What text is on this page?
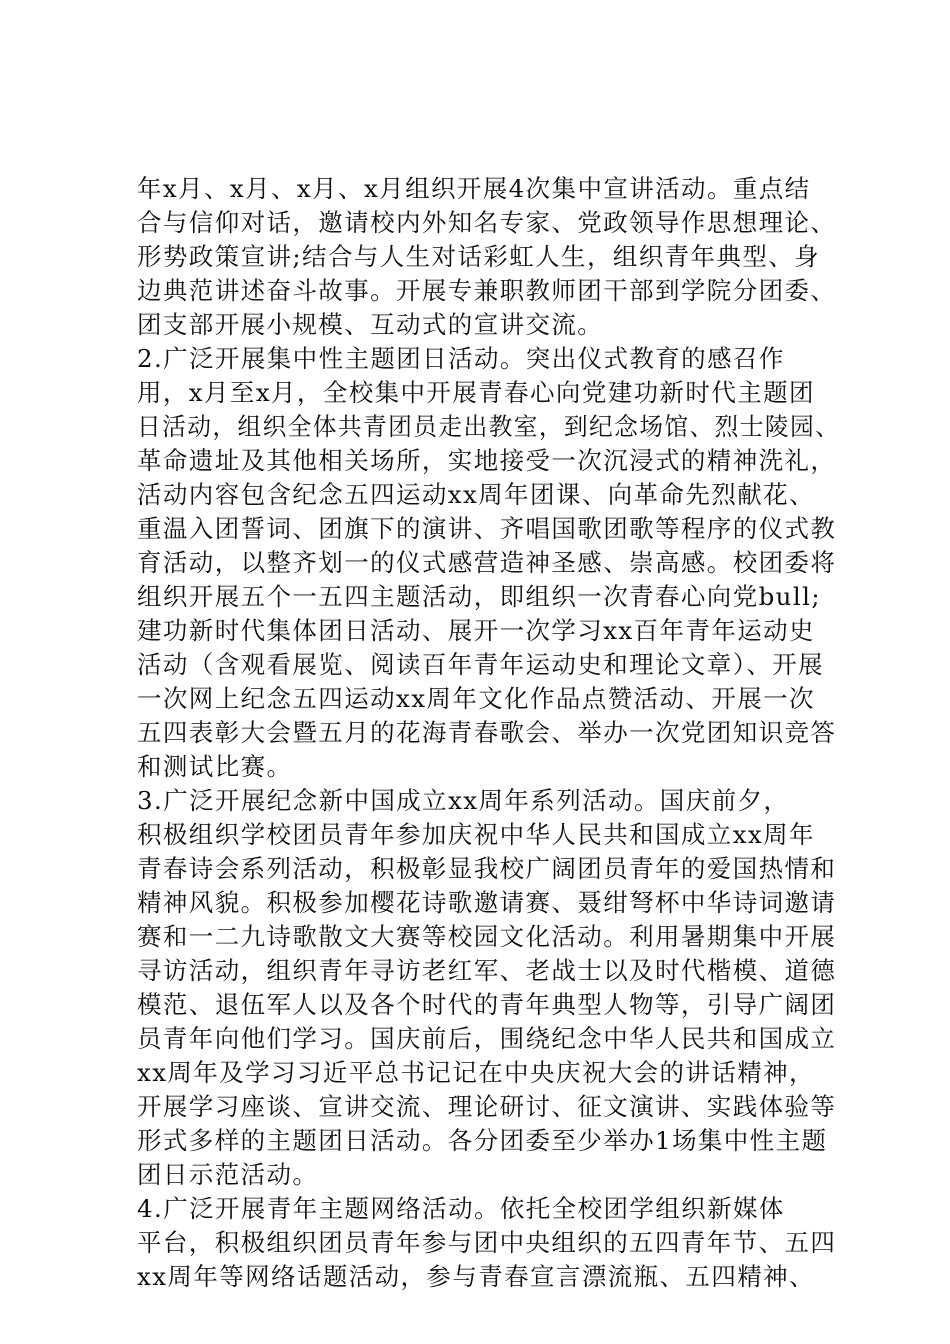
年x月、x月、x月、x月组织开展4次集中宣讲活动。重点结
合与信仰对话，邀请校内外知名专家、党政领导作思想理论、
形势政策宣讲;结合与人生对话彩虹人生，组织青年典型、身
边典范讲述奋斗故事。开展专兼职教师团干部到学院分团委、
团支部开展小规模、互动式的宣讲交流。
2.广泛开展集中性主题团日活动。突出仪式教育的感召作
用，x月至x月，全校集中开展青春心向党建功新时代主题团
日活动，组织全体共青团员走出教室，到纪念场馆、烈士陵园、
革命遗址及其他相关场所，实地接受一次沉浸式的精神洗礼，
活动内容包含纪念五四运动xx周年团课、向革命先烈献花、
重温入团誓词、团旗下的演讲、齐唱国歌团歌等程序的仪式教
育活动，以整齐划一的仪式感营造神圣感、崇高感。校团委将
组织开展五个一五四主题活动，即组织一次青春心向党bull;
建功新时代集体团日活动、展开一次学习xx百年青年运动史
活动（含观看展览、阅读百年青年运动史和理论文章）、开展
一次网上纪念五四运动xx周年文化作品点赞活动、开展一次
五四表彰大会暨五月的花海青春歌会、举办一次党团知识竞答
和测试比赛。
3.广泛开展纪念新中国成立xx周年系列活动。国庆前夕，
积极组织学校团员青年参加庆祝中华人民共和国成立xx周年
青春诗会系列活动，积极彰显我校广阔团员青年的爱国热情和
精神风貌。积极参加樱花诗歌邀请赛、聂绀弩杯中华诗词邀请
赛和一二九诗歌散文大赛等校园文化活动。利用暑期集中开展
寻访活动，组织青年寻访老红军、老战士以及时代楷模、道德
模范、退伍军人以及各个时代的青年典型人物等，引导广阔团
员青年向他们学习。国庆前后，围绕纪念中华人民共和国成立
xx周年及学习习近平总书记记在中央庆祝大会的讲话精神，
开展学习座谈、宣讲交流、理论研讨、征文演讲、实践体验等
形式多样的主题团日活动。各分团委至少举办1场集中性主题
团日示范活动。
4.广泛开展青年主题网络活动。依托全校团学组织新媒体
平台，积极组织团员青年参与团中央组织的五四青年节、五四
xx周年等网络话题活动，参与青春宣言漂流瓶、五四精神、
